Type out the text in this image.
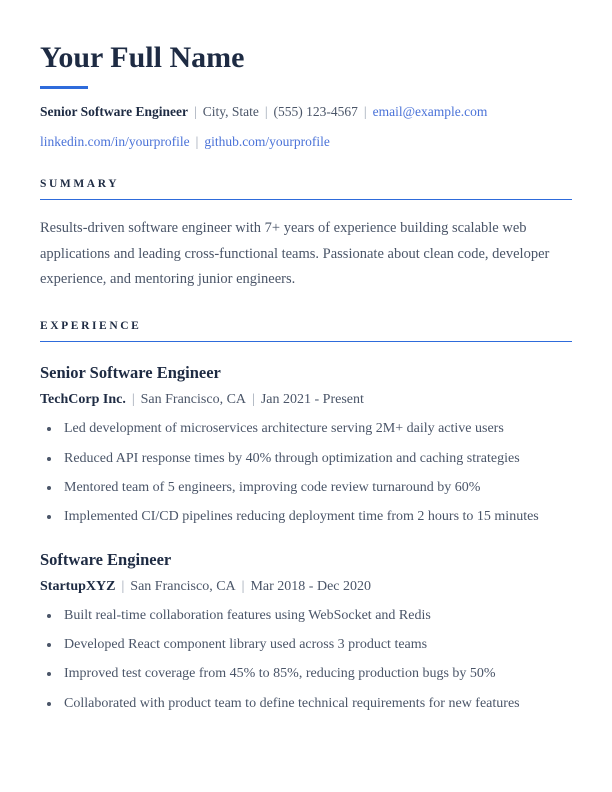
Your Full Name

Senior Software Engineer | City, State | (555) 123-4567 | email@example.com

linkedin.com/in/yourprofile | github.com/yourprofile

SUMMARY

Results-driven software engineer with 7+ years of experience building scalable web applications and leading cross-functional teams. Passionate about clean code, developer experience, and mentoring junior engineers.

EXPERIENCE
Senior Software Engineer

TechCorp Inc. | San Francisco, CA | Jan 2021 - Present

• Led development of microservices architecture serving 2M+ daily active users
• Reduced API response times by 40% through optimization and caching strategies
• Mentored team of 5 engineers, improving code review turnaround by 60%
• Implemented CI/CD pipelines reducing deployment time from 2 hours to 15 minutes
Software Engineer

StartupXYZ | San Francisco, CA | Mar 2018 - Dec 2020

• Built real-time collaboration features using WebSocket and Redis
• Developed React component library used across 3 product teams
• Improved test coverage from 45% to 85%, reducing production bugs by 50%
• Collaborated with product team to define technical requirements for new features
